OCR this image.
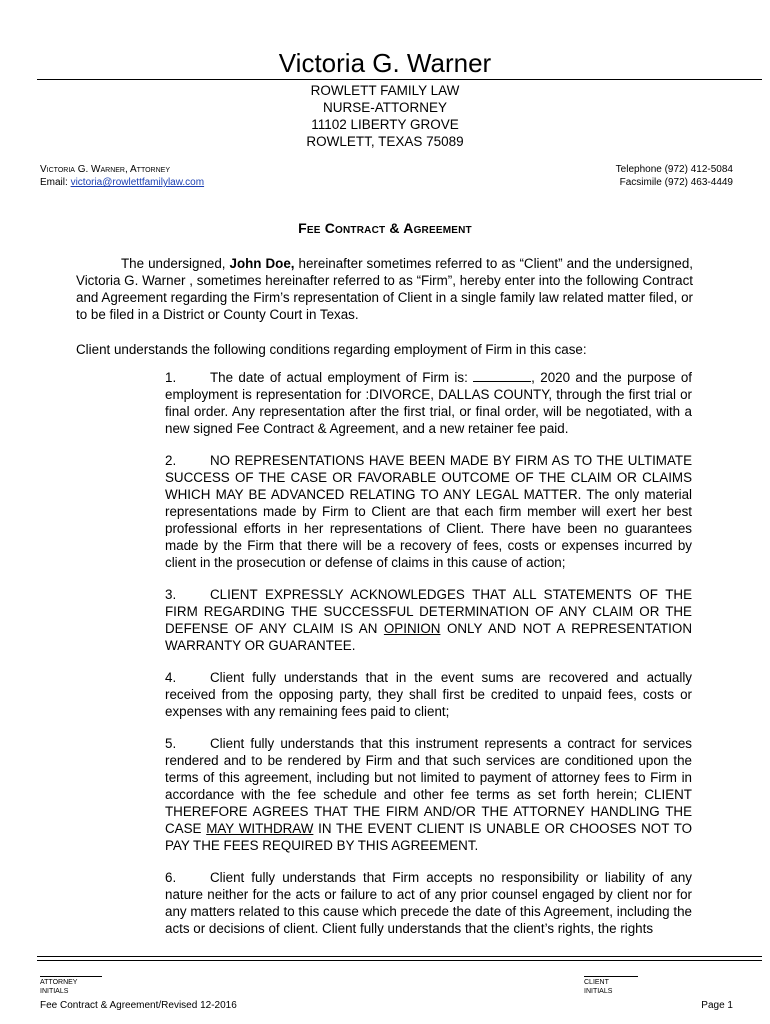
Victoria G. Warner
ROWLETT FAMILY LAW
NURSE-ATTORNEY
11102 LIBERTY GROVE
ROWLETT, TEXAS 75089
Victoria G. Warner, Attorney
Email: victoria@rowlettfamilylaw.com
Telephone (972) 412-5084
Facsimile (972) 463-4449
Fee Contract & Agreement

The undersigned, John Doe, hereinafter sometimes referred to as “Client” and the undersigned, Victoria G. Warner , sometimes hereinafter referred to as “Firm”, hereby enter into the following Contract and Agreement regarding the Firm’s representation of Client in a single family law related matter filed, or to be filed in a District or County Court in Texas.

Client understands the following conditions regarding employment of Firm in this case:

1.	The date of actual employment of Firm is:	, 2020 and the purpose of employment is representation for :DIVORCE, DALLAS COUNTY, through the first trial or final order. Any representation after the first trial, or final order, will be negotiated, with a new signed Fee Contract & Agreement, and a new retainer fee paid.

2.	NO REPRESENTATIONS HAVE BEEN MADE BY FIRM AS TO THE ULTIMATE SUCCESS OF THE CASE OR FAVORABLE OUTCOME OF THE CLAIM OR CLAIMS WHICH MAY BE ADVANCED RELATING TO ANY LEGAL MATTER. The only material representations made by Firm to Client are that each firm member will exert her best professional efforts in her representations of Client. There have been no guarantees made by the Firm that there will be a recovery of fees, costs or expenses incurred by client in the prosecution or defense of claims in this cause of action;

3.	CLIENT EXPRESSLY ACKNOWLEDGES THAT ALL STATEMENTS OF THE FIRM REGARDING THE SUCCESSFUL DETERMINATION OF ANY CLAIM OR THE DEFENSE OF ANY CLAIM IS AN OPINION ONLY AND NOT A REPRESENTATION WARRANTY OR GUARANTEE.

4.	Client fully understands that in the event sums are recovered and actually received from the opposing party, they shall first be credited to unpaid fees, costs or expenses with any remaining fees paid to client;

5.	Client fully understands that this instrument represents a contract for services rendered and to be rendered by Firm and that such services are conditioned upon the terms of this agreement, including but not limited to payment of attorney fees to Firm in accordance with the fee schedule and other fee terms as set forth herein; CLIENT THEREFORE AGREES THAT THE FIRM AND/OR THE ATTORNEY HANDLING THE CASE MAY WITHDRAW IN THE EVENT CLIENT IS UNABLE OR CHOOSES NOT TO PAY THE FEES REQUIRED BY THIS AGREEMENT.

6.	Client fully understands that Firm accepts no responsibility or liability of any nature neither for the acts or failure to act of any prior counsel engaged by client nor for any matters related to this cause which precede the date of this Agreement, including the acts or decisions of client. Client fully understands that the client’s rights, the rights

ATTORNEY INITIALS
CLIENT INITIALS
Fee Contract & Agreement/Revised 12-2016	Page 1
